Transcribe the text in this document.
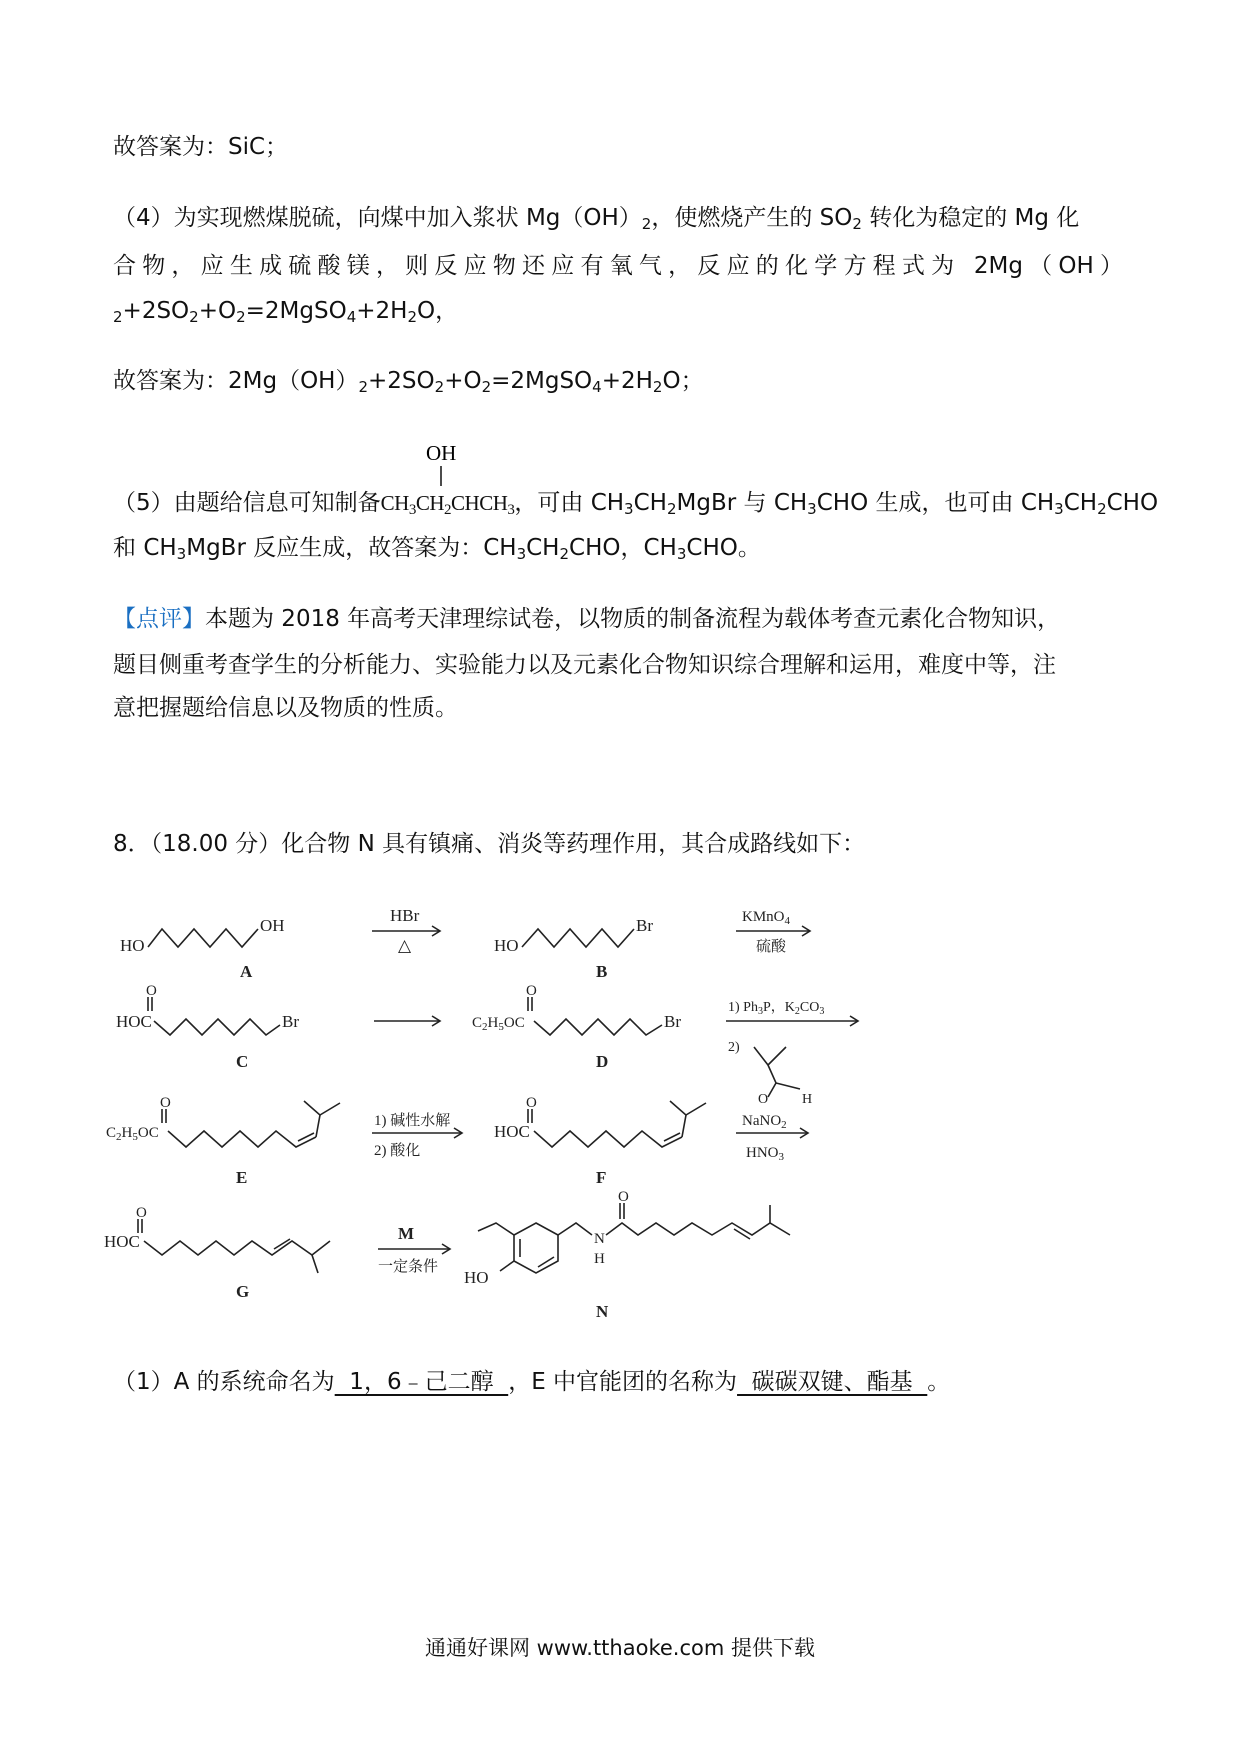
故答案为：SiC；
（4）为实现燃煤脱硫，向煤中加入浆状 $Mg(OH)_2$，使燃烧产生的 $SO_2$ 转化为稳定的 Mg 化
合物，应生成硫酸镁，则反应物还应有氧气，反应的化学方程式为 2Mg（OH）
$_2+2SO_2+O_2=2MgSO_4+2H_2O$，
故答案为：$2Mg(OH)_2+2SO_2+O_2=2MgSO_4+2H_2O$；
OH
（5）由题给信息可知制备$CH_3CH_2CHCH_3$，可由 $CH_3CH_2MgBr$ 与 $CH_3CHO$ 生成，也可由 $CH_3CH_2CHO$
和 $CH_3MgBr$ 反应生成，故答案为：$CH_3CH_2CHO$，$CH_3CHO$。
【点评】本题为 2018 年高考天津理综试卷，以物质的制备流程为载体考查元素化合物知识，
题目侧重考查学生的分析能力、实验能力以及元素化合物知识综合理解和运用，难度中等，注
意把握题给信息以及物质的性质。
8．（18.00 分）化合物 N 具有镇痛、消炎等药理作用，其合成路线如下：
HO
OH
A
HBr
△	HO
Br
B
KMnO$_4$
硫酸
O
HOC	Br
C
O
$C_2H_5OC$	Br
D
1) $Ph_3P$，$K_2CO_3$
2)
O H
O
$C_2H_5OC$
E
1) 碱性水解
2) 酸化
O
HOC
F
NaNO$_2$
$HNO_3$
O
HOC
G
M
一定条件
HO
N
H
O
N
（1）A 的系统命名为  1，6﹣己二醇  ，E 中官能团的名称为  碳碳双键、酯基  。
通通好课网 www.tthaoke.com 提供下载
